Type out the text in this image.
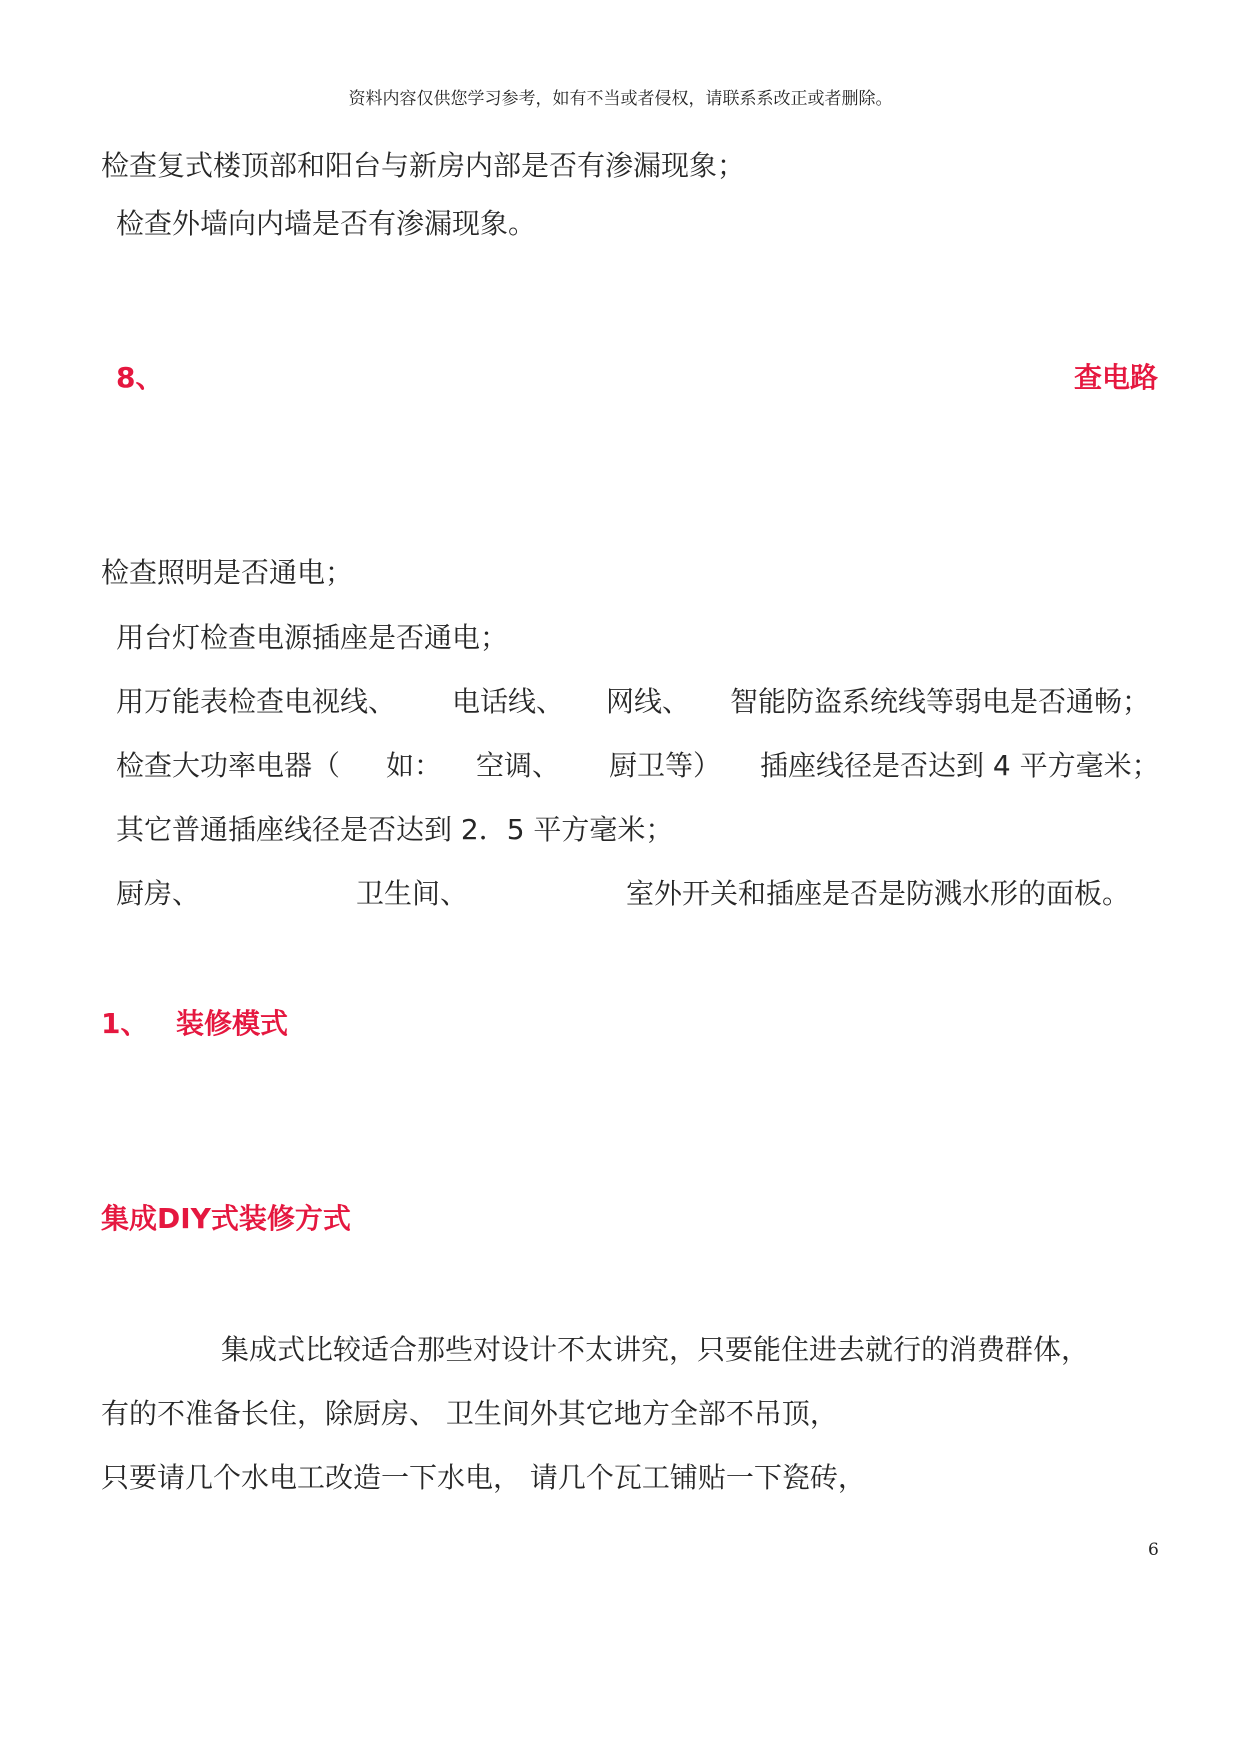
资料内容仅供您学习参考，如有不当或者侵权，请联系系改正或者删除。
检查复式楼顶部和阳台与新房内部是否有渗漏现象；
检查外墙向内墙是否有渗漏现象。
8、	查电路
检查照明是否通电；
用台灯检查电源插座是否通电；
用万能表检查电视线、 电话线、 网线、 智能防盗系统线等弱电是否通畅；
检查大功率电器（ 如： 空调、 厨卫等） 插座线径是否达到 4 平方毫米；
其它普通插座线径是否达到 2．5 平方毫米；
厨房、	卫生间、	室外开关和插座是否是防溅水形的面板。
1、 装修模式
集成DIY式装修方式
集成式比较适合那些对设计不太讲究，只要能住进去就行的消费群体，
有的不准备长住，除厨房、 卫生间外其它地方全部不吊顶，
只要请几个水电工改造一下水电， 请几个瓦工铺贴一下瓷砖，
6
